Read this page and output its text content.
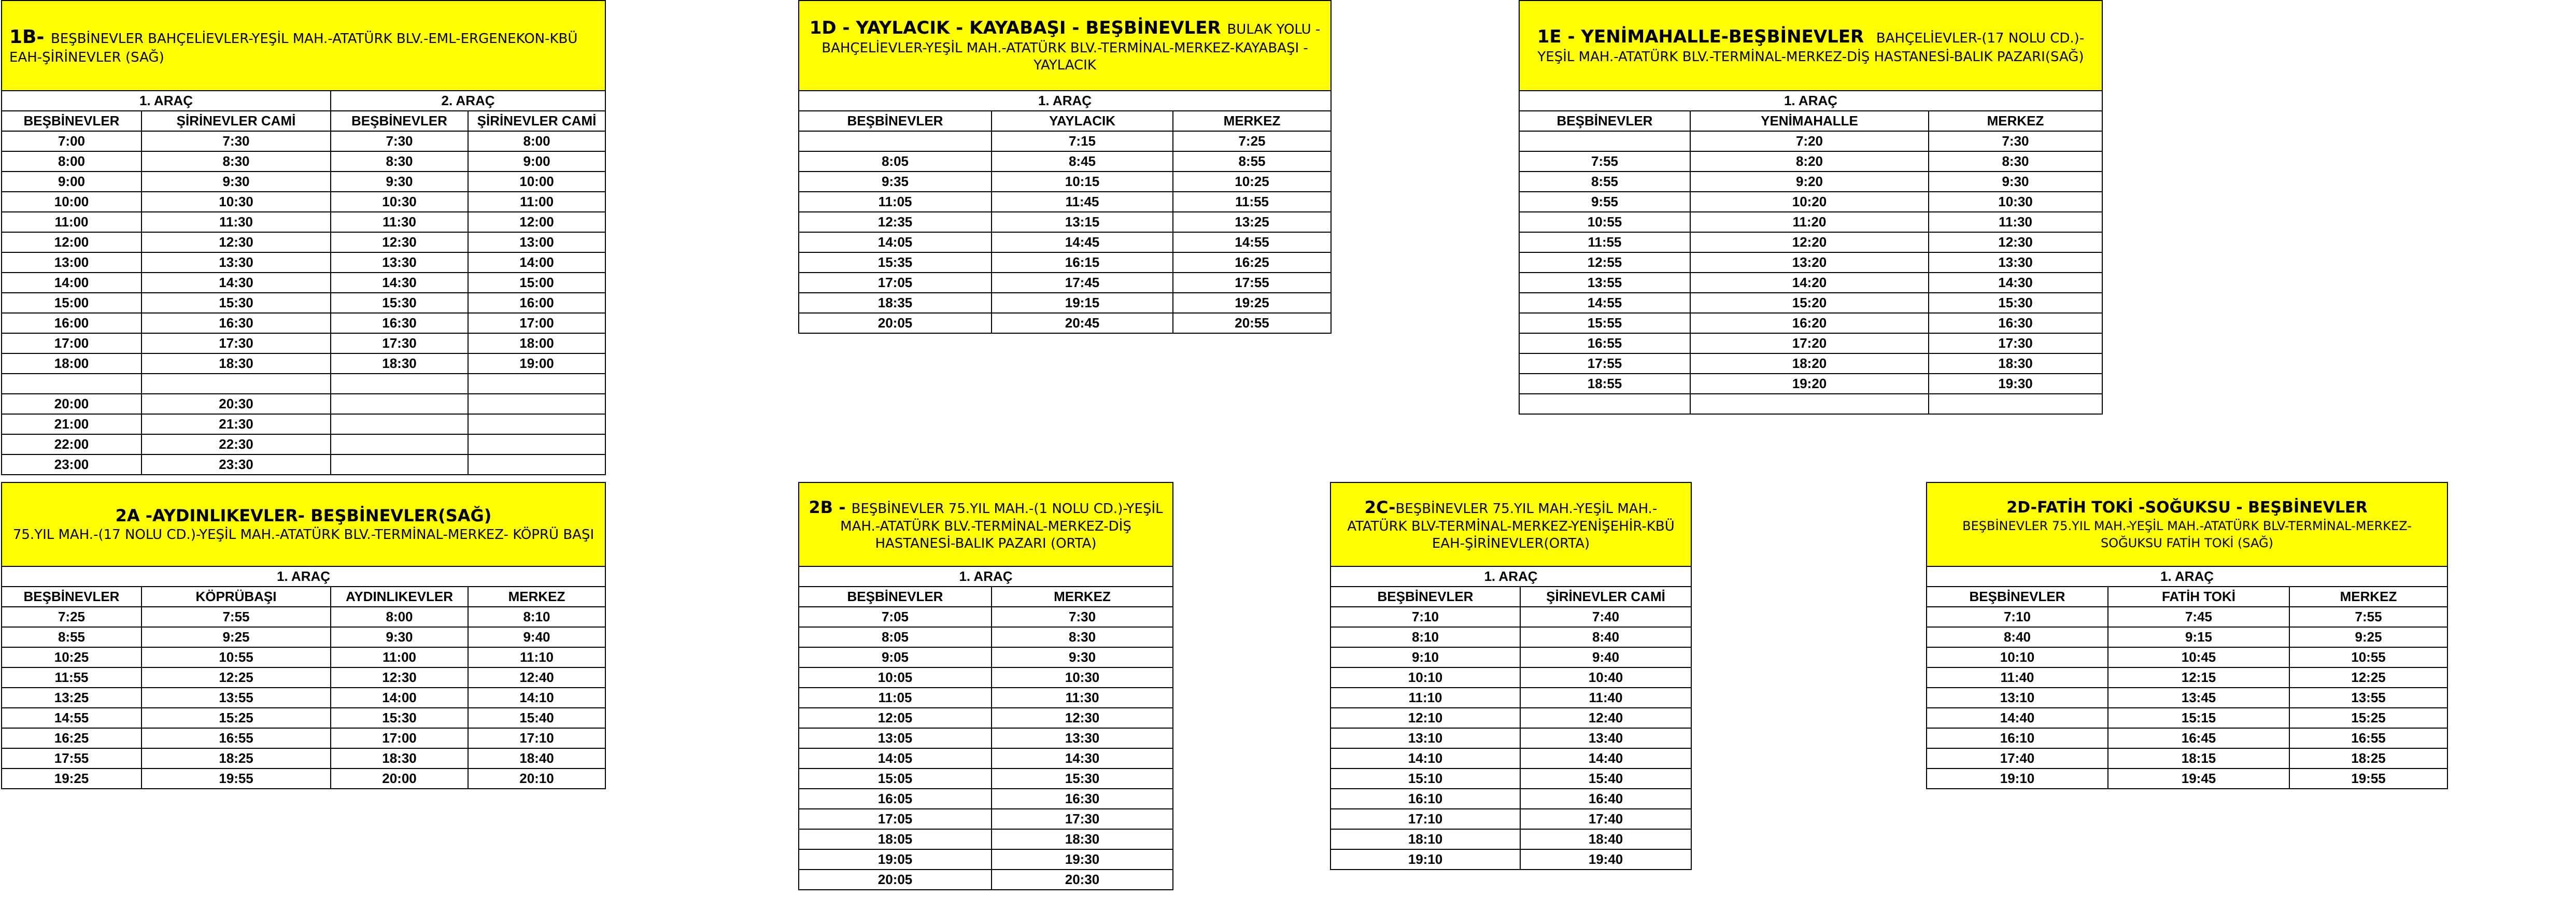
1B- BEŞBİNEVLER BAHÇELİEVLER-YEŞİL MAH.-ATATÜRK BLV.-EML-ERGENEKON-KBÜ EAH-ŞİRİNEVLER (SAĞ)			
1. ARAÇ		2. ARAÇ	
BEŞBİNEVLER	ŞİRİNEVLER CAMİ	BEŞBİNEVLER	ŞİRİNEVLER CAMİ
7:00	7:30	7:30	8:00
8:00	8:30	8:30	9:00
9:00	9:30	9:30	10:00
10:00	10:30	10:30	11:00
11:00	11:30	11:30	12:00
12:00	12:30	12:30	13:00
13:00	13:30	13:30	14:00
14:00	14:30	14:30	15:00
15:00	15:30	15:30	16:00
16:00	16:30	16:30	17:00
17:00	17:30	17:30	18:00
18:00	18:30	18:30	19:00

20:00	20:30		
21:00	21:30		
22:00	22:30		
23:00	23:30		
1D - YAYLACIK - KAYABAŞI - BEŞBİNEVLER BULAK YOLU - BAHÇELİEVLER-YEŞİL MAH.-ATATÜRK BLV.-TERMİNAL-MERKEZ-KAYABAŞI - YAYLACIK		
1. ARAÇ		
BEŞBİNEVLER	YAYLACIK	MERKEZ
	7:15	7:25
8:05	8:45	8:55
9:35	10:15	10:25
11:05	11:45	11:55
12:35	13:15	13:25
14:05	14:45	14:55
15:35	16:15	16:25
17:05	17:45	17:55
18:35	19:15	19:25
20:05	20:45	20:55
1E - YENİMAHALLE-BEŞBİNEVLER BAHÇELİEVLER-(17 NOLU CD.)-YEŞİL MAH.-ATATÜRK BLV.-TERMİNAL-MERKEZ-DİŞ HASTANESİ-BALIK PAZARI(SAĞ)		
1. ARAÇ		
BEŞBİNEVLER	YENİMAHALLE	MERKEZ
	7:20	7:30
7:55	8:20	8:30
8:55	9:20	9:30
9:55	10:20	10:30
10:55	11:20	11:30
11:55	12:20	12:30
12:55	13:20	13:30
13:55	14:20	14:30
14:55	15:20	15:30
15:55	16:20	16:30
16:55	17:20	17:30
17:55	18:20	18:30
18:55	19:20	19:30

2A -AYDINLIKEVLER- BEŞBİNEVLER(SAĞ)
75.YIL MAH.-(17 NOLU CD.)-YEŞİL MAH.-ATATÜRK BLV.-TERMİNAL-MERKEZ- KÖPRÜ BAŞI			
1. ARAÇ			
BEŞBİNEVLER	KÖPRÜBAŞI	AYDINLIKEVLER	MERKEZ
7:25	7:55	8:00	8:10
8:55	9:25	9:30	9:40
10:25	10:55	11:00	11:10
11:55	12:25	12:30	12:40
13:25	13:55	14:00	14:10
14:55	15:25	15:30	15:40
16:25	16:55	17:00	17:10
17:55	18:25	18:30	18:40
19:25	19:55	20:00	20:10
2B - BEŞBİNEVLER 75.YIL MAH.-(1 NOLU CD.)-YEŞİL MAH.-ATATÜRK BLV.-TERMİNAL-MERKEZ-DİŞ HASTANESİ-BALIK PAZARI (ORTA)	
1. ARAÇ	
BEŞBİNEVLER	MERKEZ
7:05	7:30
8:05	8:30
9:05	9:30
10:05	10:30
11:05	11:30
12:05	12:30
13:05	13:30
14:05	14:30
15:05	15:30
16:05	16:30
17:05	17:30
18:05	18:30
19:05	19:30
20:05	20:30
2C-BEŞBİNEVLER 75.YIL MAH.-YEŞİL MAH.-ATATÜRK BLV-TERMİNAL-MERKEZ-YENİŞEHİR-KBÜ EAH-ŞİRİNEVLER(ORTA)	
1. ARAÇ	
BEŞBİNEVLER	ŞİRİNEVLER CAMİ
7:10	7:40
8:10	8:40
9:10	9:40
10:10	10:40
11:10	11:40
12:10	12:40
13:10	13:40
14:10	14:40
15:10	15:40
16:10	16:40
17:10	17:40
18:10	18:40
19:10	19:40
2D-FATİH TOKİ -SOĞUKSU - BEŞBİNEVLER
BEŞBİNEVLER 75.YIL MAH.-YEŞİL MAH.-ATATÜRK BLV-TERMİNAL-MERKEZ-SOĞUKSU FATİH TOKİ (SAĞ)		
1. ARAÇ		
BEŞBİNEVLER	FATİH TOKİ	MERKEZ
7:10	7:45	7:55
8:40	9:15	9:25
10:10	10:45	10:55
11:40	12:15	12:25
13:10	13:45	13:55
14:40	15:15	15:25
16:10	16:45	16:55
17:40	18:15	18:25
19:10	19:45	19:55
